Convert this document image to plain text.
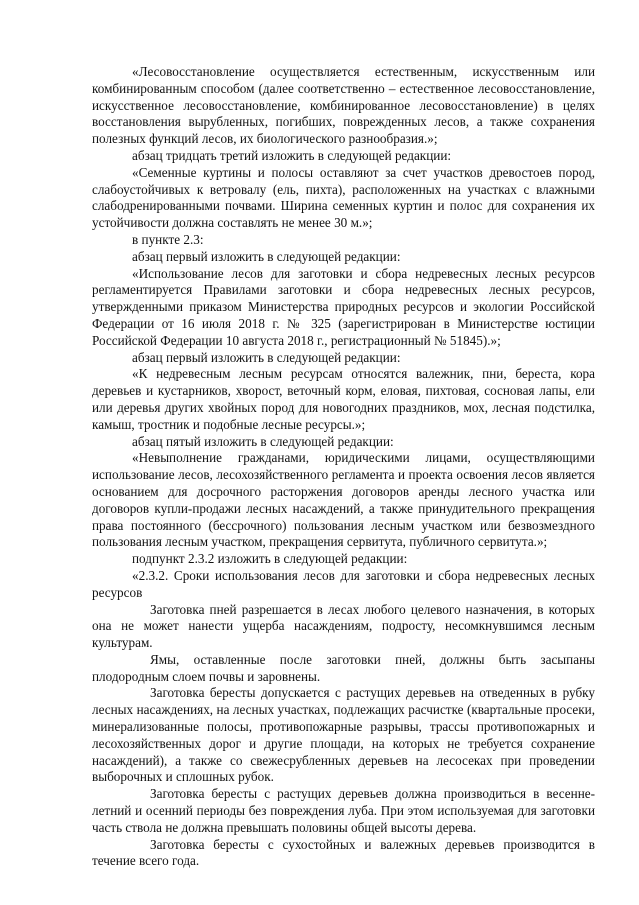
«Лесовосстановление осуществляется естественным, искусственным или комбинированным способом (далее соответственно – естественное лесовосстановление, искусственное лесовосстановление, комбинированное лесовосстановление) в целях восстановления вырубленных, погибших, поврежденных лесов, а также сохранения полезных функций лесов, их биологического разнообразия.»;

абзац тридцать третий изложить в следующей редакции:

«Семенные куртины и полосы оставляют за счет участков древостоев пород, слабоустойчивых к ветровалу (ель, пихта), расположенных на участках с влажными слабодренированными почвами. Ширина семенных куртин и полос для сохранения их устойчивости должна составлять не менее 30 м.»;

в пункте 2.3:

абзац первый изложить в следующей редакции:

«Использование лесов для заготовки и сбора недревесных лесных ресурсов регламентируется Правилами заготовки и сбора недревесных лесных ресурсов, утвержденными приказом Министерства природных ресурсов и экологии Российской Федерации от 16 июля 2018 г. № 325 (зарегистрирован в Министерстве юстиции Российской Федерации 10 августа 2018 г., регистрационный № 51845).»;

абзац первый изложить в следующей редакции:

«К недревесным лесным ресурсам относятся валежник, пни, береста, кора деревьев и кустарников, хворост, веточный корм, еловая, пихтовая, сосновая лапы, ели или деревья других хвойных пород для новогодних праздников, мох, лесная подстилка, камыш, тростник и подобные лесные ресурсы.»;

абзац пятый изложить в следующей редакции:

«Невыполнение гражданами, юридическими лицами, осуществляющими использование лесов, лесохозяйственного регламента и проекта освоения лесов является основанием для досрочного расторжения договоров аренды лесного участка или договоров купли-продажи лесных насаждений, а также принудительного прекращения права постоянного (бессрочного) пользования лесным участком или безвозмездного пользования лесным участком, прекращения сервитута, публичного сервитута.»;

подпункт 2.3.2 изложить в следующей редакции:

«2.3.2. Сроки использования лесов для заготовки и сбора недревесных лесных ресурсов

Заготовка пней разрешается в лесах любого целевого назначения, в которых она не может нанести ущерба насаждениям, подросту, несомкнувшимся лесным культурам.

Ямы, оставленные после заготовки пней, должны быть засыпаны плодородным слоем почвы и заровнены.

Заготовка бересты допускается с растущих деревьев на отведенных в рубку лесных насаждениях, на лесных участках, подлежащих расчистке (квартальные просеки, минерализованные полосы, противопожарные разрывы, трассы противопожарных и лесохозяйственных дорог и другие площади, на которых не требуется сохранение насаждений), а также со свежесрубленных деревьев на лесосеках при проведении выборочных и сплошных рубок.

Заготовка бересты с растущих деревьев должна производиться в весенне-летний и осенний периоды без повреждения луба. При этом используемая для заготовки часть ствола не должна превышать половины общей высоты дерева.

Заготовка бересты с сухостойных и валежных деревьев производится в течение всего года.
